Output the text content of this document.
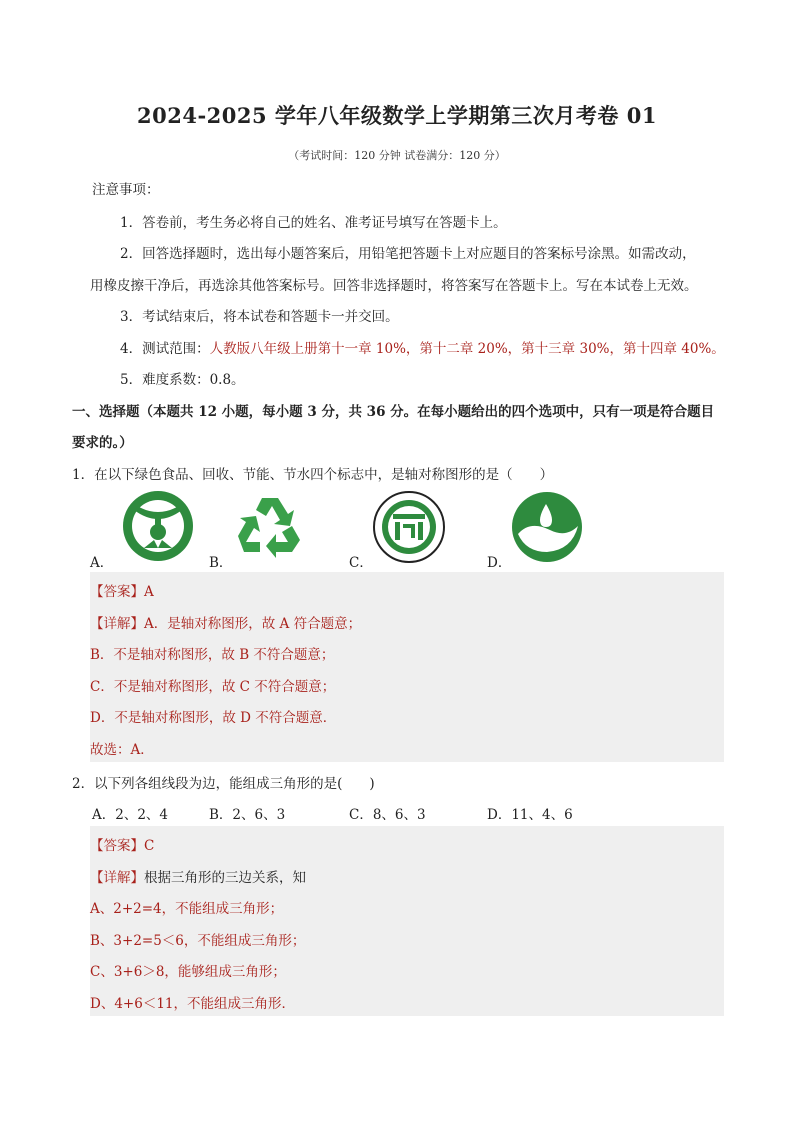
2024-2025 学年八年级数学上学期第三次月考卷 01
（考试时间：120 分钟 试卷满分：120 分）
注意事项：
1．答卷前，考生务必将自己的姓名、准考证号填写在答题卡上。
2．回答选择题时，选出每小题答案后，用铅笔把答题卡上对应题目的答案标号涂黑。如需改动，
用橡皮擦干净后，再选涂其他答案标号。回答非选择题时，将答案写在答题卡上。写在本试卷上无效。
3．考试结束后，将本试卷和答题卡一并交回。
4．测试范围：人教版八年级上册第十一章 10%，第十二章 20%，第十三章 30%，第十四章 40%。
5．难度系数：0.8。
一、选择题（本题共 12 小题，每小题 3 分，共 36 分。在每小题给出的四个选项中，只有一项是符合题目
要求的。）
1．在以下绿色食品、回收、节能、节水四个标志中，是轴对称图形的是（　　）
A．	B．	C．	D．
【答案】A
【详解】A．是轴对称图形，故 A 符合题意；
B．不是轴对称图形，故 B 不符合题意；
C．不是轴对称图形，故 C 不符合题意；
D．不是轴对称图形，故 D 不符合题意．
故选：A．
2．以下列各组线段为边，能组成三角形的是(　　)
A．2、2、4	B．2、6、3	C．8、6、3	D．11、4、6
【答案】C
【详解】根据三角形的三边关系，知
A、2+2=4，不能组成三角形；
B、3+2=5＜6，不能组成三角形；
C、3+6＞8，能够组成三角形；
D、4+6＜11，不能组成三角形．
